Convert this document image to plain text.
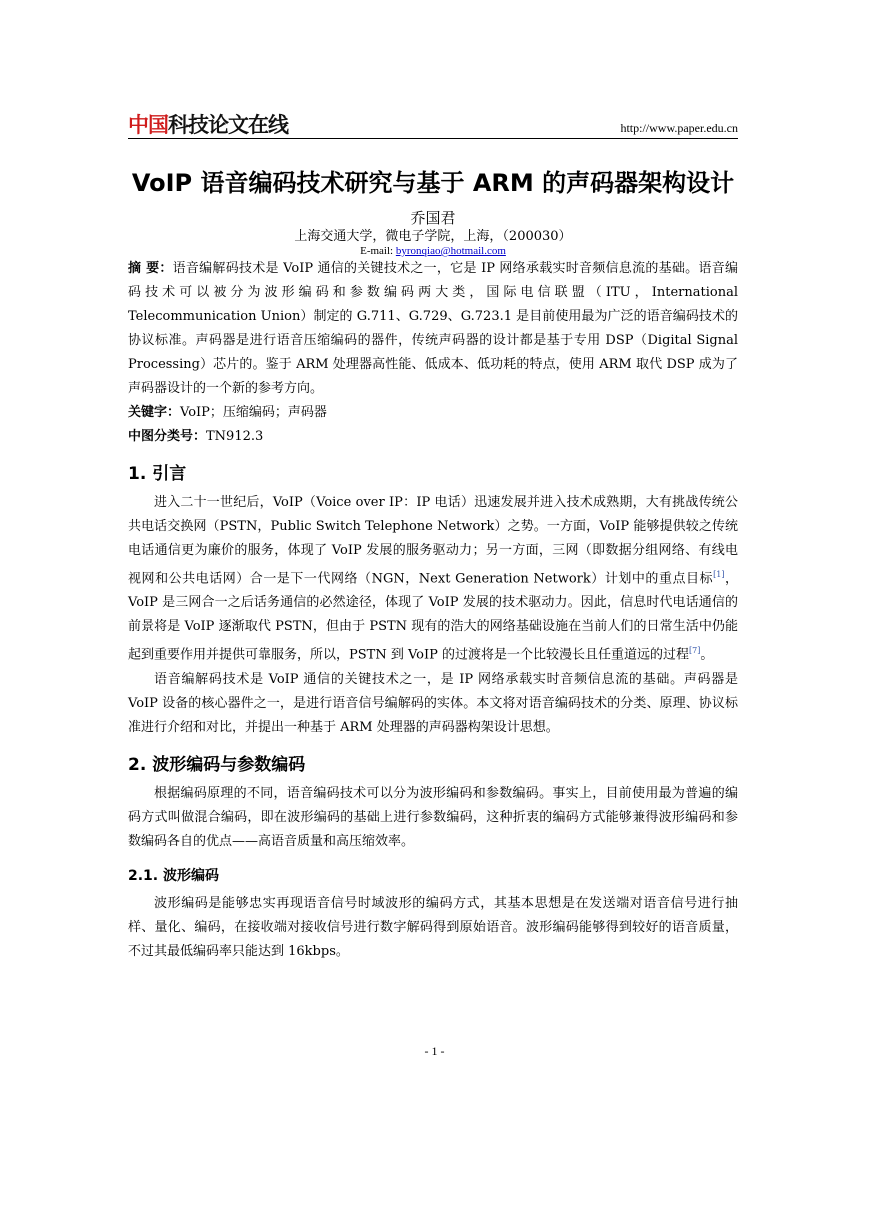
中国科技论文在线	http://www.paper.edu.cn
VoIP 语音编码技术研究与基于 ARM 的声码器架构设计
乔国君
上海交通大学，微电子学院，上海，（200030）
E-mail: byronqiao@hotmail.com
摘 要：语音编解码技术是 VoIP 通信的关键技术之一，它是 IP 网络承载实时音频信息流的基础。语音编码技术可以被分为波形编码和参数编码两大类，国际电信联盟（ITU，International Telecommunication Union）制定的 G.711、G.729、G.723.1 是目前使用最为广泛的语音编码技术的协议标准。声码器是进行语音压缩编码的器件，传统声码器的设计都是基于专用 DSP（Digital Signal Processing）芯片的。鉴于 ARM 处理器高性能、低成本、低功耗的特点，使用 ARM 取代 DSP 成为了声码器设计的一个新的参考方向。
关键字：VoIP；压缩编码；声码器
中图分类号：TN912.3
1. 引言

进入二十一世纪后，VoIP（Voice over IP：IP 电话）迅速发展并进入技术成熟期，大有挑战传统公共电话交换网（PSTN，Public Switch Telephone Network）之势。一方面，VoIP 能够提供较之传统电话通信更为廉价的服务，体现了 VoIP 发展的服务驱动力；另一方面，三网（即数据分组网络、有线电视网和公共电话网）合一是下一代网络（NGN，Next Generation Network）计划中的重点目标[1]，VoIP 是三网合一之后话务通信的必然途径，体现了 VoIP 发展的技术驱动力。因此，信息时代电话通信的前景将是 VoIP 逐渐取代 PSTN，但由于 PSTN 现有的浩大的网络基础设施在当前人们的日常生活中仍能起到重要作用并提供可靠服务，所以，PSTN 到 VoIP 的过渡将是一个比较漫长且任重道远的过程[7]。

语音编解码技术是 VoIP 通信的关键技术之一，是 IP 网络承载实时音频信息流的基础。声码器是 VoIP 设备的核心器件之一，是进行语音信号编解码的实体。本文将对语音编码技术的分类、原理、协议标准进行介绍和对比，并提出一种基于 ARM 处理器的声码器构架设计思想。

2. 波形编码与参数编码

根据编码原理的不同，语音编码技术可以分为波形编码和参数编码。事实上，目前使用最为普遍的编码方式叫做混合编码，即在波形编码的基础上进行参数编码，这种折衷的编码方式能够兼得波形编码和参数编码各自的优点——高语音质量和高压缩效率。

2.1. 波形编码

波形编码是能够忠实再现语音信号时域波形的编码方式，其基本思想是在发送端对语音信号进行抽样、量化、编码，在接收端对接收信号进行数字解码得到原始语音。波形编码能够得到较好的语音质量，不过其最低编码率只能达到 16kbps。

- 1 -
